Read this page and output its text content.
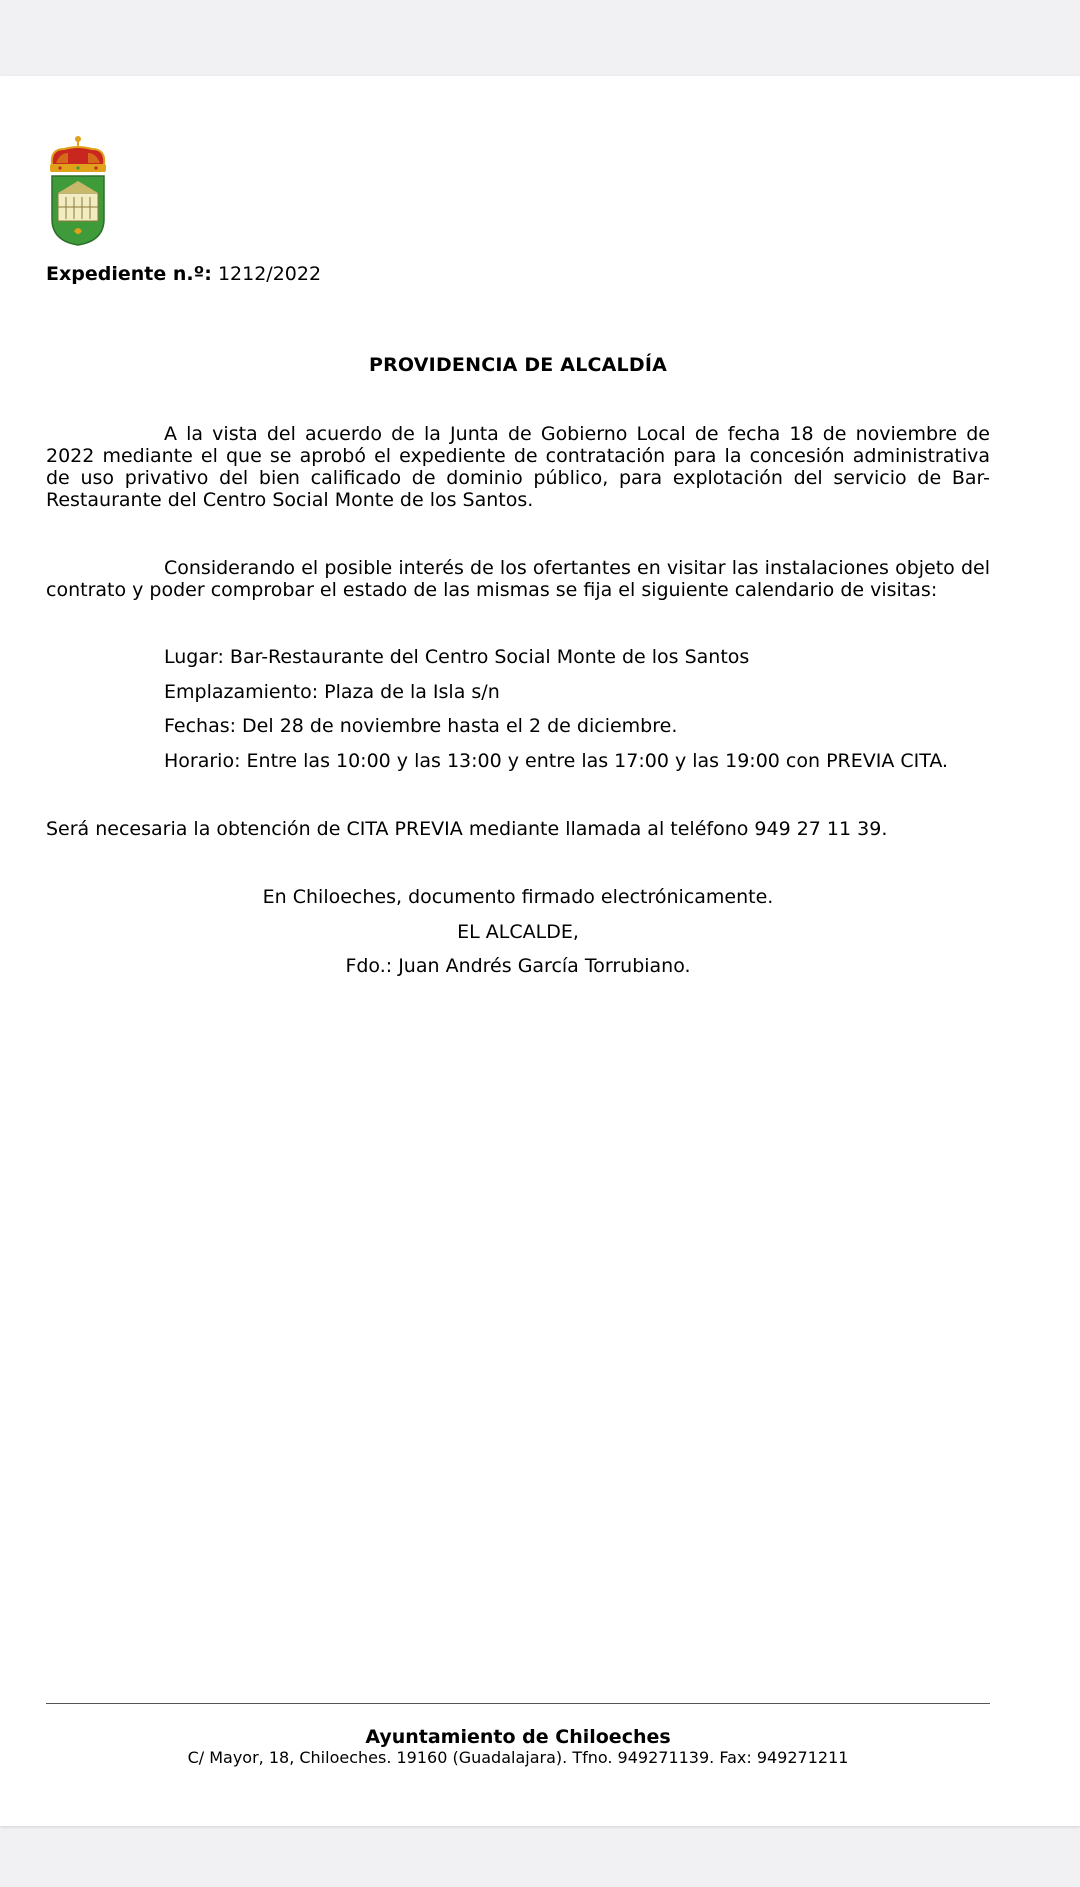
Expediente n.º: 1212/2022
PROVIDENCIA DE ALCALDÍA
A la vista del acuerdo de la Junta de Gobierno Local de fecha 18 de noviembre de 2022 mediante el que se aprobó el expediente de contratación para la concesión administrativa de uso privativo del bien calificado de dominio público, para explotación del servicio de Bar-Restaurante del Centro Social Monte de los Santos.
Considerando el posible interés de los ofertantes en visitar las instalaciones objeto del contrato y poder comprobar el estado de las mismas se fija el siguiente calendario de visitas:
Lugar: Bar-Restaurante del Centro Social Monte de los Santos
Emplazamiento: Plaza de la Isla s/n
Fechas: Del 28 de noviembre hasta el 2 de diciembre.
Horario: Entre las 10:00 y las 13:00 y entre las 17:00 y las 19:00 con PREVIA CITA.
Será necesaria la obtención de CITA PREVIA mediante llamada al teléfono 949 27 11 39.
En Chiloeches, documento firmado electrónicamente.
EL ALCALDE,
Fdo.: Juan Andrés García Torrubiano.
Ayuntamiento de Chiloeches
C/ Mayor, 18, Chiloeches. 19160 (Guadalajara). Tfno. 949271139. Fax: 949271211
